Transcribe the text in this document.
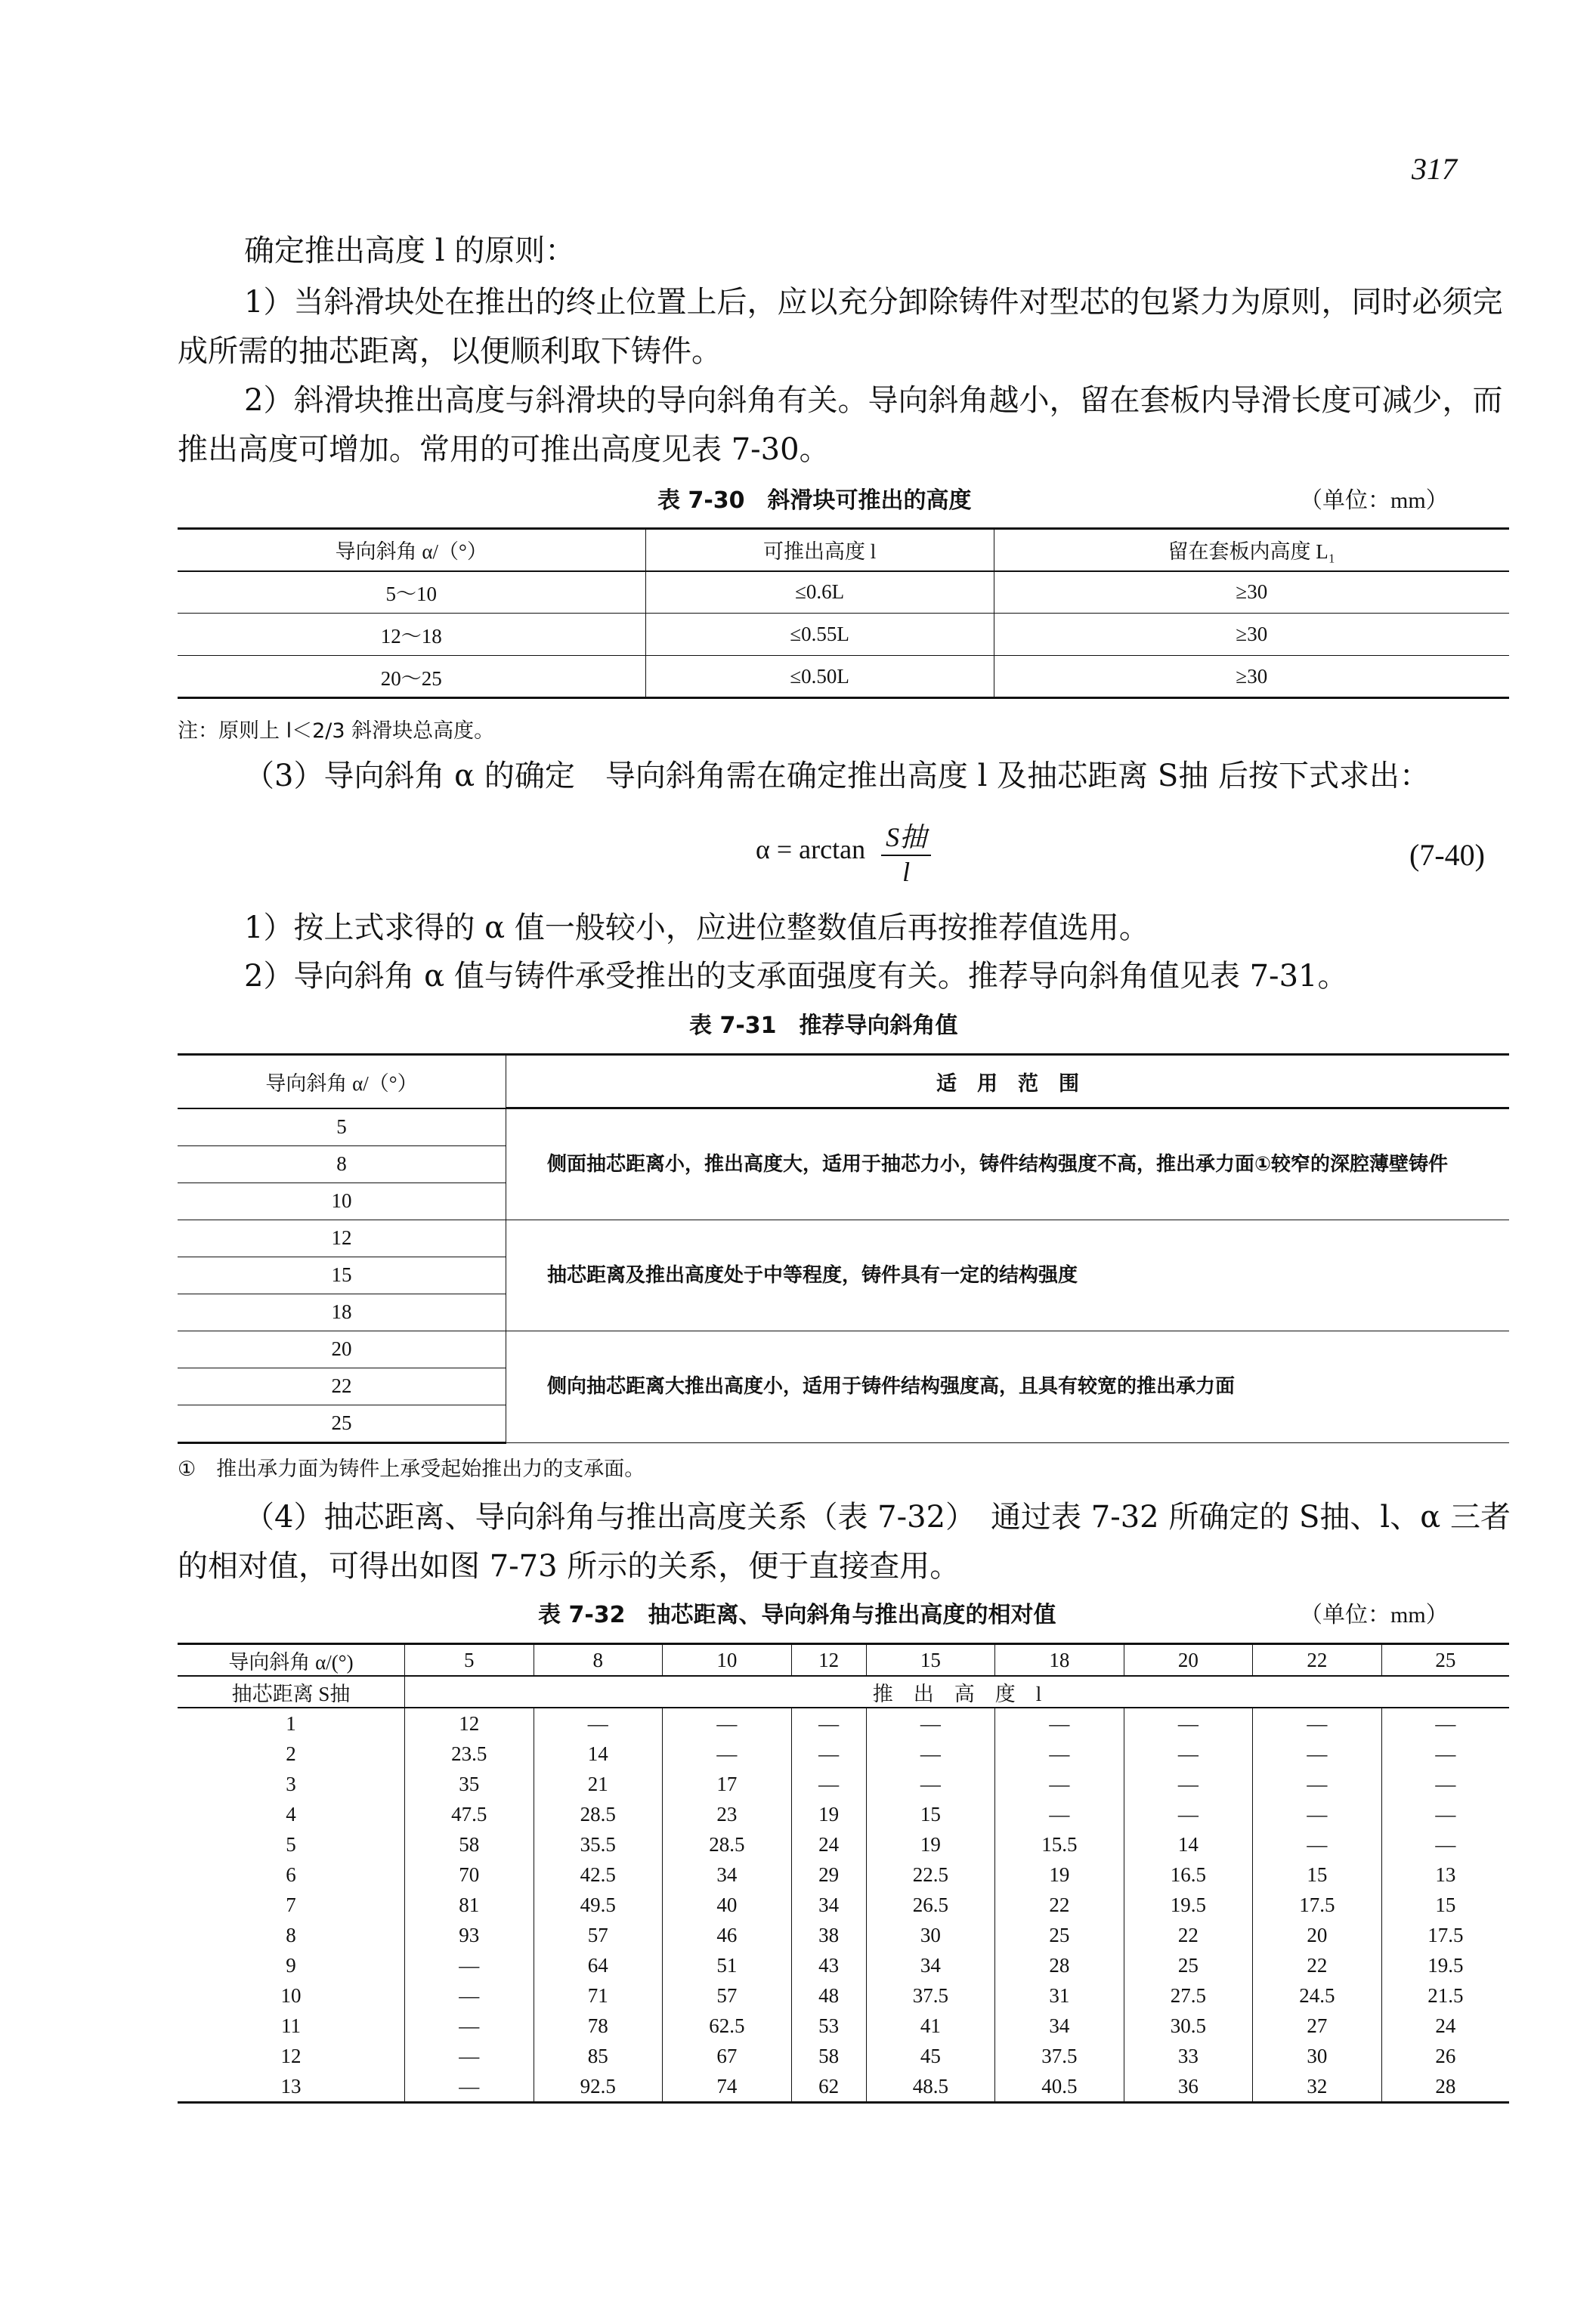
317
确定推出高度 l 的原则：
1）当斜滑块处在推出的终止位置上后，应以充分卸除铸件对型芯的包紧力为原则，同时必须完成所需的抽芯距离，以便顺利取下铸件。
2）斜滑块推出高度与斜滑块的导向斜角有关。导向斜角越小，留在套板内导滑长度可减少，而推出高度可增加。常用的可推出高度见表 7-30。
表 7-30　斜滑块可推出的高度	（单位：mm）
导向斜角 α/（°）	可推出高度 l	留在套板内高度 L₁
5～10	≤0.6L	≥30
12～18	≤0.55L	≥30
20～25	≤0.50L	≥30
注：原则上 l＜2/3 斜滑块总高度。
（3）导向斜角 α 的确定　导向斜角需在确定推出高度 l 及抽芯距离 S抽 后按下式求出：
$\alpha = \arctan \frac{\text{S抽}}{l}$	(7-40)
1）按上式求得的 α 值一般较小，应进位整数值后再按推荐值选用。
2）导向斜角 α 值与铸件承受推出的支承面强度有关。推荐导向斜角值见表 7-31。
表 7-31　推荐导向斜角值
导向斜角 α/（°）	适　用　范　围
5	侧面抽芯距离小，推出高度大，适用于抽芯力小，铸件结构强度不高，推出承力面①较窄的深腔薄壁铸件
8	
10	
12	抽芯距离及推出高度处于中等程度，铸件具有一定的结构强度
15	
18	
20	侧向抽芯距离大推出高度小，适用于铸件结构强度高，且具有较宽的推出承力面
22	
25	
①　推出承力面为铸件上承受起始推出力的支承面。
（4）抽芯距离、导向斜角与推出高度关系（表 7-32）　通过表 7-32 所确定的 S抽、l、α 三者的相对值，可得出如图 7-73 所示的关系，便于直接查用。
表 7-32　抽芯距离、导向斜角与推出高度的相对值	（单位：mm）
导向斜角 α/(°)	5	8	10	12	15	18	20	22	25
抽芯距离 S抽	推　出　高　度　l								
1	12	—	—	—	—	—	—	—	—
2	23.5	14	—	—	—	—	—	—	—
3	35	21	17	—	—	—	—	—	—
4	47.5	28.5	23	19	15	—	—	—	—
5	58	35.5	28.5	24	19	15.5	14	—	—
6	70	42.5	34	29	22.5	19	16.5	15	13
7	81	49.5	40	34	26.5	22	19.5	17.5	15
8	93	57	46	38	30	25	22	20	17.5
9	—	64	51	43	34	28	25	22	19.5
10	—	71	57	48	37.5	31	27.5	24.5	21.5
11	—	78	62.5	53	41	34	30.5	27	24
12	—	85	67	58	45	37.5	33	30	26
13	—	92.5	74	62	48.5	40.5	36	32	28
